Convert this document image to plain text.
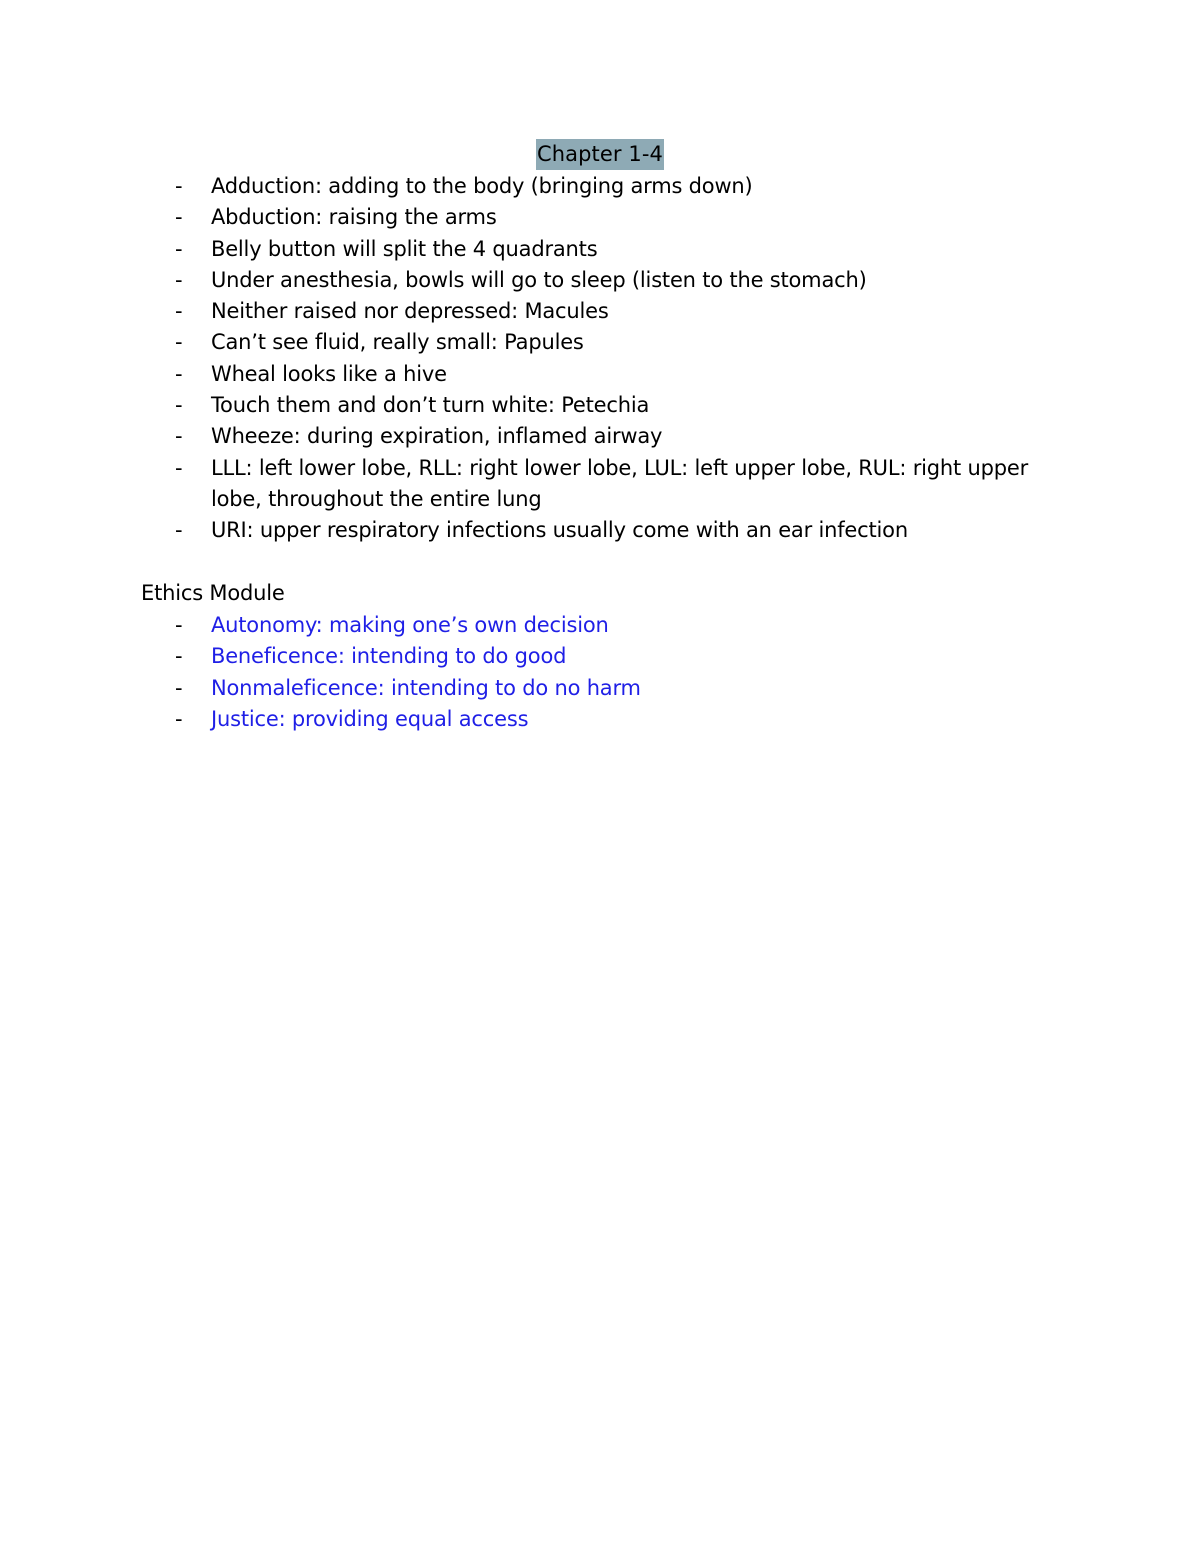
Chapter 1-4
- Adduction: adding to the body (bringing arms down)
- Abduction: raising the arms
- Belly button will split the 4 quadrants
- Under anesthesia, bowls will go to sleep (listen to the stomach)
- Neither raised nor depressed: Macules
- Can’t see fluid, really small: Papules
- Wheal looks like a hive
- Touch them and don’t turn white: Petechia
- Wheeze: during expiration, inflamed airway
- LLL: left lower lobe, RLL: right lower lobe, LUL: left upper lobe, RUL: right upper lobe, throughout the entire lung
- URI: upper respiratory infections usually come with an ear infection
Ethics Module
- Autonomy: making one’s own decision
- Beneficence: intending to do good
- Nonmaleficence: intending to do no harm
- Justice: providing equal access
